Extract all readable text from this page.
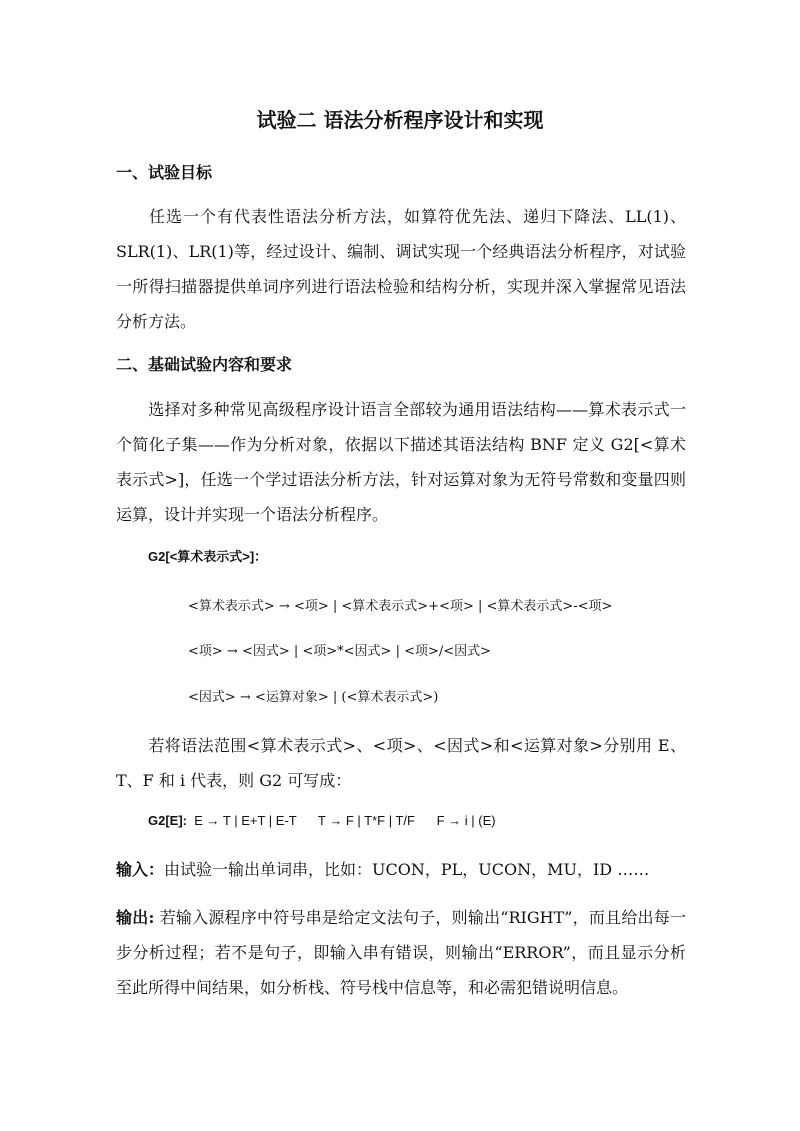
试验二 语法分析程序设计和实现
一、试验目标
任选一个有代表性语法分析方法，如算符优先法、递归下降法、LL(1)、SLR(1)、LR(1)等，经过设计、编制、调试实现一个经典语法分析程序，对试验一所得扫描器提供单词序列进行语法检验和结构分析，实现并深入掌握常见语法分析方法。
二、基础试验内容和要求
选择对多种常见高级程序设计语言全部较为通用语法结构——算术表示式一个简化子集——作为分析对象，依据以下描述其语法结构 BNF 定义 G2[<算术表示式>]，任选一个学过语法分析方法，针对运算对象为无符号常数和变量四则运算，设计并实现一个语法分析程序。
G2[<算术表示式>]：
<算术表示式> → <项> | <算术表示式>+<项> | <算术表示式>-<项>
<项> → <因式> | <项>*<因式> | <项>/<因式>
<因式> → <运算对象> | (<算术表示式>)
若将语法范围<算术表示式>、<项>、<因式>和<运算对象>分别用 E、T、F 和 i 代表，则 G2 可写成：
G2[E]: E → T | E+T | E-T      T → F | T*F | T/F      F → i | (E)
输入：由试验一输出单词串，比如：UCON，PL，UCON，MU，ID ……
输出: 若输入源程序中符号串是给定文法句子，则输出“RIGHT”，而且给出每一步分析过程；若不是句子，即输入串有错误，则输出“ERROR”，而且显示分析至此所得中间结果，如分析栈、符号栈中信息等，和必需犯错说明信息。
